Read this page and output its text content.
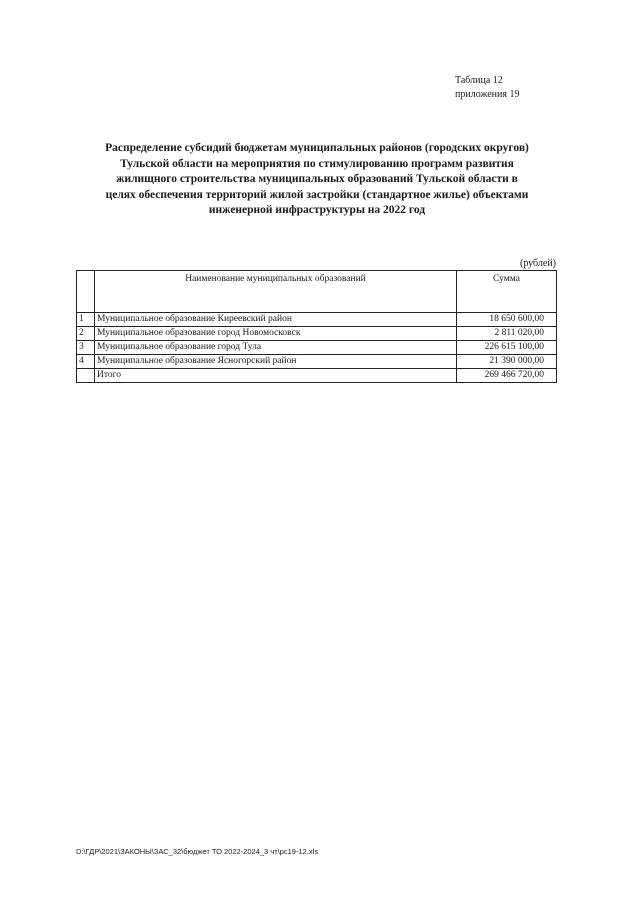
Таблица 12
приложения 19
Распределение субсидий бюджетам муниципальных районов (городских округов)
Тульской области на мероприятия по стимулированию программ развития
жилищного строительства муниципальных образований Тульской области в
целях обеспечения территорий жилой застройки (стандартное жилье) объектами
инженерной инфраструктуры на 2022 год
(рублей)
	Наименование муниципальных образований	Сумма
1	Муниципальное образование Киреевский район	18 650 600,00
2	Муниципальное образование город Новомосковск	2 811 020,00
3	Муниципальное образование город Тула	226 615 100,00
4	Муниципальное образование Ясногорский район	21 390 000,00
	Итого	269 466 720,00
D:\ГДР\2021\ЗАКОНЫ\ЗАС_32\бюджет ТО 2022-2024_3 чт\рс19-12.xls
